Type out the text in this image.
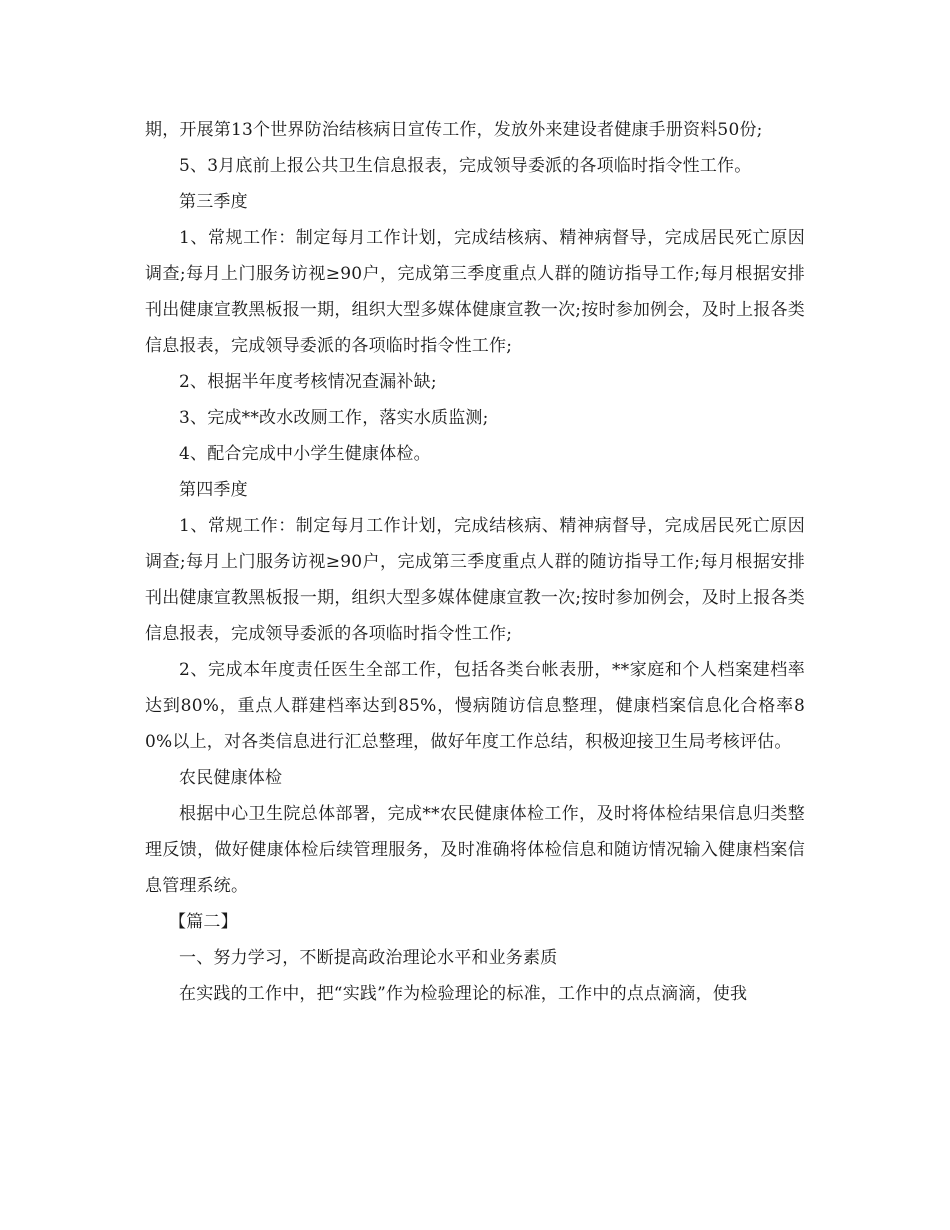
期，开展第13个世界防治结核病日宣传工作，发放外来建设者健康手册资料50份;

5、3月底前上报公共卫生信息报表，完成领导委派的各项临时指令性工作。

第三季度

1、常规工作：制定每月工作计划，完成结核病、精神病督导，完成居民死亡原因调查;每月上门服务访视≥90户，完成第三季度重点人群的随访指导工作;每月根据安排刊出健康宣教黑板报一期，组织大型多媒体健康宣教一次;按时参加例会，及时上报各类信息报表，完成领导委派的各项临时指令性工作;

2、根据半年度考核情况查漏补缺;

3、完成**改水改厕工作，落实水质监测;

4、配合完成中小学生健康体检。

第四季度

1、常规工作：制定每月工作计划，完成结核病、精神病督导，完成居民死亡原因调查;每月上门服务访视≥90户，完成第三季度重点人群的随访指导工作;每月根据安排刊出健康宣教黑板报一期，组织大型多媒体健康宣教一次;按时参加例会，及时上报各类信息报表，完成领导委派的各项临时指令性工作;

2、完成本年度责任医生全部工作，包括各类台帐表册，**家庭和个人档案建档率达到80%，重点人群建档率达到85%，慢病随访信息整理，健康档案信息化合格率80%以上，对各类信息进行汇总整理，做好年度工作总结，积极迎接卫生局考核评估。

农民健康体检

根据中心卫生院总体部署，完成**农民健康体检工作，及时将体检结果信息归类整理反馈，做好健康体检后续管理服务，及时准确将体检信息和随访情况输入健康档案信息管理系统。

【篇二】

一、努力学习，不断提高政治理论水平和业务素质

在实践的工作中，把“实践”作为检验理论的标准，工作中的点点滴滴，使我
